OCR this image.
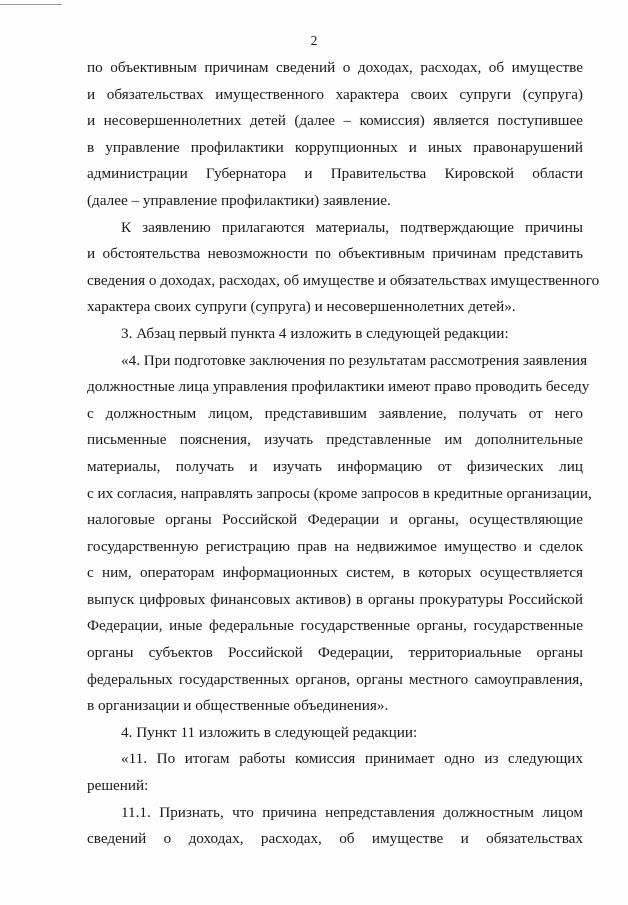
2
по объективным причинам сведений о доходах, расходах, об имуществе
и обязательствах имущественного характера своих супруги (супруга)
и несовершеннолетних детей (далее – комиссия) является поступившее
в управление профилактики коррупционных и иных правонарушений
администрации Губернатора и Правительства Кировской области
(далее – управление профилактики) заявление.
К заявлению прилагаются материалы, подтверждающие причины
и обстоятельства невозможности по объективным причинам представить
сведения о доходах, расходах, об имуществе и обязательствах имущественного
характера своих супруги (супруга) и несовершеннолетних детей».
3. Абзац первый пункта 4 изложить в следующей редакции:
«4. При подготовке заключения по результатам рассмотрения заявления
должностные лица управления профилактики имеют право проводить беседу
с должностным лицом, представившим заявление, получать от него
письменные пояснения, изучать представленные им дополнительные
материалы, получать и изучать информацию от физических лиц
с их согласия, направлять запросы (кроме запросов в кредитные организации,
налоговые органы Российской Федерации и органы, осуществляющие
государственную регистрацию прав на недвижимое имущество и сделок
с ним, операторам информационных систем, в которых осуществляется
выпуск цифровых финансовых активов) в органы прокуратуры Российской
Федерации, иные федеральные государственные органы, государственные
органы субъектов Российской Федерации, территориальные органы
федеральных государственных органов, органы местного самоуправления,
в организации и общественные объединения».
4. Пункт 11 изложить в следующей редакции:
«11. По итогам работы комиссия принимает одно из следующих
решений:
11.1. Признать, что причина непредставления должностным лицом
сведений о доходах, расходах, об имуществе и обязательствах
